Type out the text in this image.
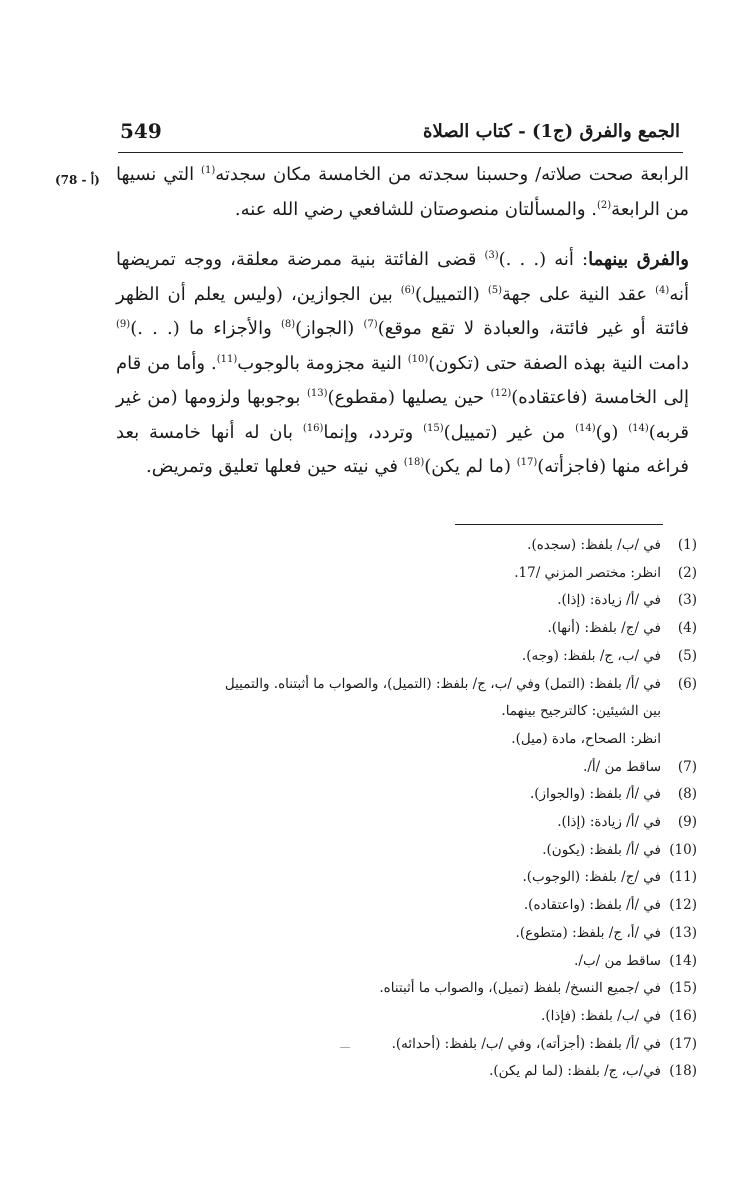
549	الجمع والفرق (ج1) - كتاب الصلاة
(78 - أ)	الرابعة صحت صلاته/ وحسبنا سجدته من الخامسة مكان سجدته$^{(1)}$ التي نسيها من الرابعة$^{(2)}$. والمسألتان منصوصتان للشافعي رضي الله عنه.

والفرق بينهما: أنه (. . .)$^{(3)}$ قضى الفائتة بنية ممرضة معلقة، ووجه تمريضها أنه$^{(4)}$ عقد النية على جهة$^{(5)}$ (التمييل)$^{(6)}$ بين الجوازين، (وليس يعلم أن الظهر فائتة أو غير فائتة، والعبادة لا تقع موقع)$^{(7)}$ (الجواز)$^{(8)}$ والأجزاء ما (. . .)$^{(9)}$ دامت النية بهذه الصفة حتى (تكون)$^{(10)}$ النية مجزومة بالوجوب$^{(11)}$. وأما من قام إلى الخامسة (فاعتقاده)$^{(12)}$ حين يصليها (مقطوع)$^{(13)}$ بوجوبها ولزومها (من غير قربه)$^{(14)}$ (و)$^{(14)}$ من غير (تمييل)$^{(15)}$ وتردد، وإنما$^{(16)}$ بان له أنها خامسة بعد فراغه منها (فاجزأته)$^{(17)}$ (ما لم يكن)$^{(18)}$ في نيته حين فعلها تعليق وتمريض.

(1)
في /ب/ بلفظ: (سجده).
(2)
انظر: مختصر المزني /17.
(3)
في /أ/ زيادة: (إذا).
(4)
في /ج/ بلفظ: (أنها).
(5)
في /ب، ج/ بلفظ: (وجه).
(6)
في /أ/ بلفظ: (التمل) وفي /ب، ج/ بلفظ: (التميل)، والصواب ما أثبتناه. والتمييل
بين الشيئين: كالترجيح بينهما.
انظر: الصحاح، مادة (ميل).
(7)
ساقط من /أ/.
(8)
في /أ/ بلفظ: (والجواز).
(9)
في /أ/ زيادة: (إذا).
(10)
في /أ/ بلفظ: (يكون).
(11)
في /ج/ بلفظ: (الوجوب).
(12)
في /أ/ بلفظ: (واعتقاده).
(13)
في /أ، ج/ بلفظ: (متطوع).
(14)
ساقط من /ب/.
(15)
في /جميع النسخ/ بلفظ (تميل)، والصواب ما أثبتناه.
(16)
في /ب/ بلفظ: (فإذا).
(17)
في /أ/ بلفظ: (أجزأته)، وفي /ب/ بلفظ: (أحدائه).
(18)
في/ب، ج/ بلفظ: (لما لم يكن).
